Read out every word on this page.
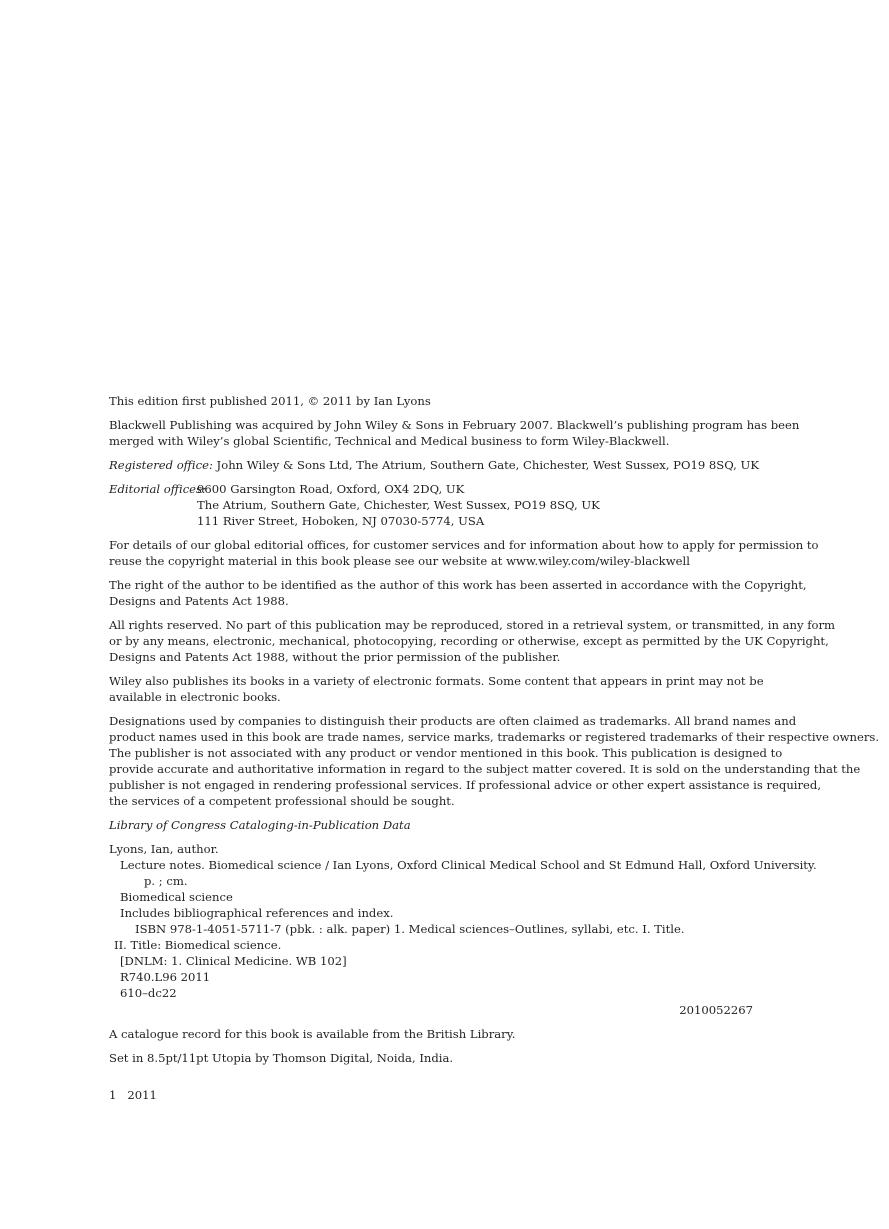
This edition first published 2011, © 2011 by Ian Lyons

Blackwell Publishing was acquired by John Wiley & Sons in February 2007. Blackwell’s publishing program has been
merged with Wiley’s global Scientific, Technical and Medical business to form Wiley-Blackwell.

Registered office: John Wiley & Sons Ltd, The Atrium, Southern Gate, Chichester, West Sussex, PO19 8SQ, UK

Editorial offices:
9600 Garsington Road, Oxford, OX4 2DQ, UK
The Atrium, Southern Gate, Chichester, West Sussex, PO19 8SQ, UK
111 River Street, Hoboken, NJ 07030-5774, USA

For details of our global editorial offices, for customer services and for information about how to apply for permission to
reuse the copyright material in this book please see our website at www.wiley.com/wiley-blackwell

The right of the author to be identified as the author of this work has been asserted in accordance with the Copyright,
Designs and Patents Act 1988.

All rights reserved. No part of this publication may be reproduced, stored in a retrieval system, or transmitted, in any form
or by any means, electronic, mechanical, photocopying, recording or otherwise, except as permitted by the UK Copyright,
Designs and Patents Act 1988, without the prior permission of the publisher.

Wiley also publishes its books in a variety of electronic formats. Some content that appears in print may not be
available in electronic books.

Designations used by companies to distinguish their products are often claimed as trademarks. All brand names and
product names used in this book are trade names, service marks, trademarks or registered trademarks of their respective owners.
The publisher is not associated with any product or vendor mentioned in this book. This publication is designed to
provide accurate and authoritative information in regard to the subject matter covered. It is sold on the understanding that the
publisher is not engaged in rendering professional services. If professional advice or other expert assistance is required,
the services of a competent professional should be sought.

Library of Congress Cataloging-in-Publication Data

Lyons, Ian, author.
Lecture notes. Biomedical science / Ian Lyons, Oxford Clinical Medical School and St Edmund Hall, Oxford University.
p. ; cm.
Biomedical science
Includes bibliographical references and index.
ISBN 978-1-4051-5711-7 (pbk. : alk. paper) 1. Medical sciences–Outlines, syllabi, etc. I. Title.
II. Title: Biomedical science.
[DNLM: 1. Clinical Medicine. WB 102]
R740.L96 2011
610–dc22
2010052267

A catalogue record for this book is available from the British Library.

Set in 8.5pt/11pt Utopia by Thomson Digital, Noida, India.

1   2011
